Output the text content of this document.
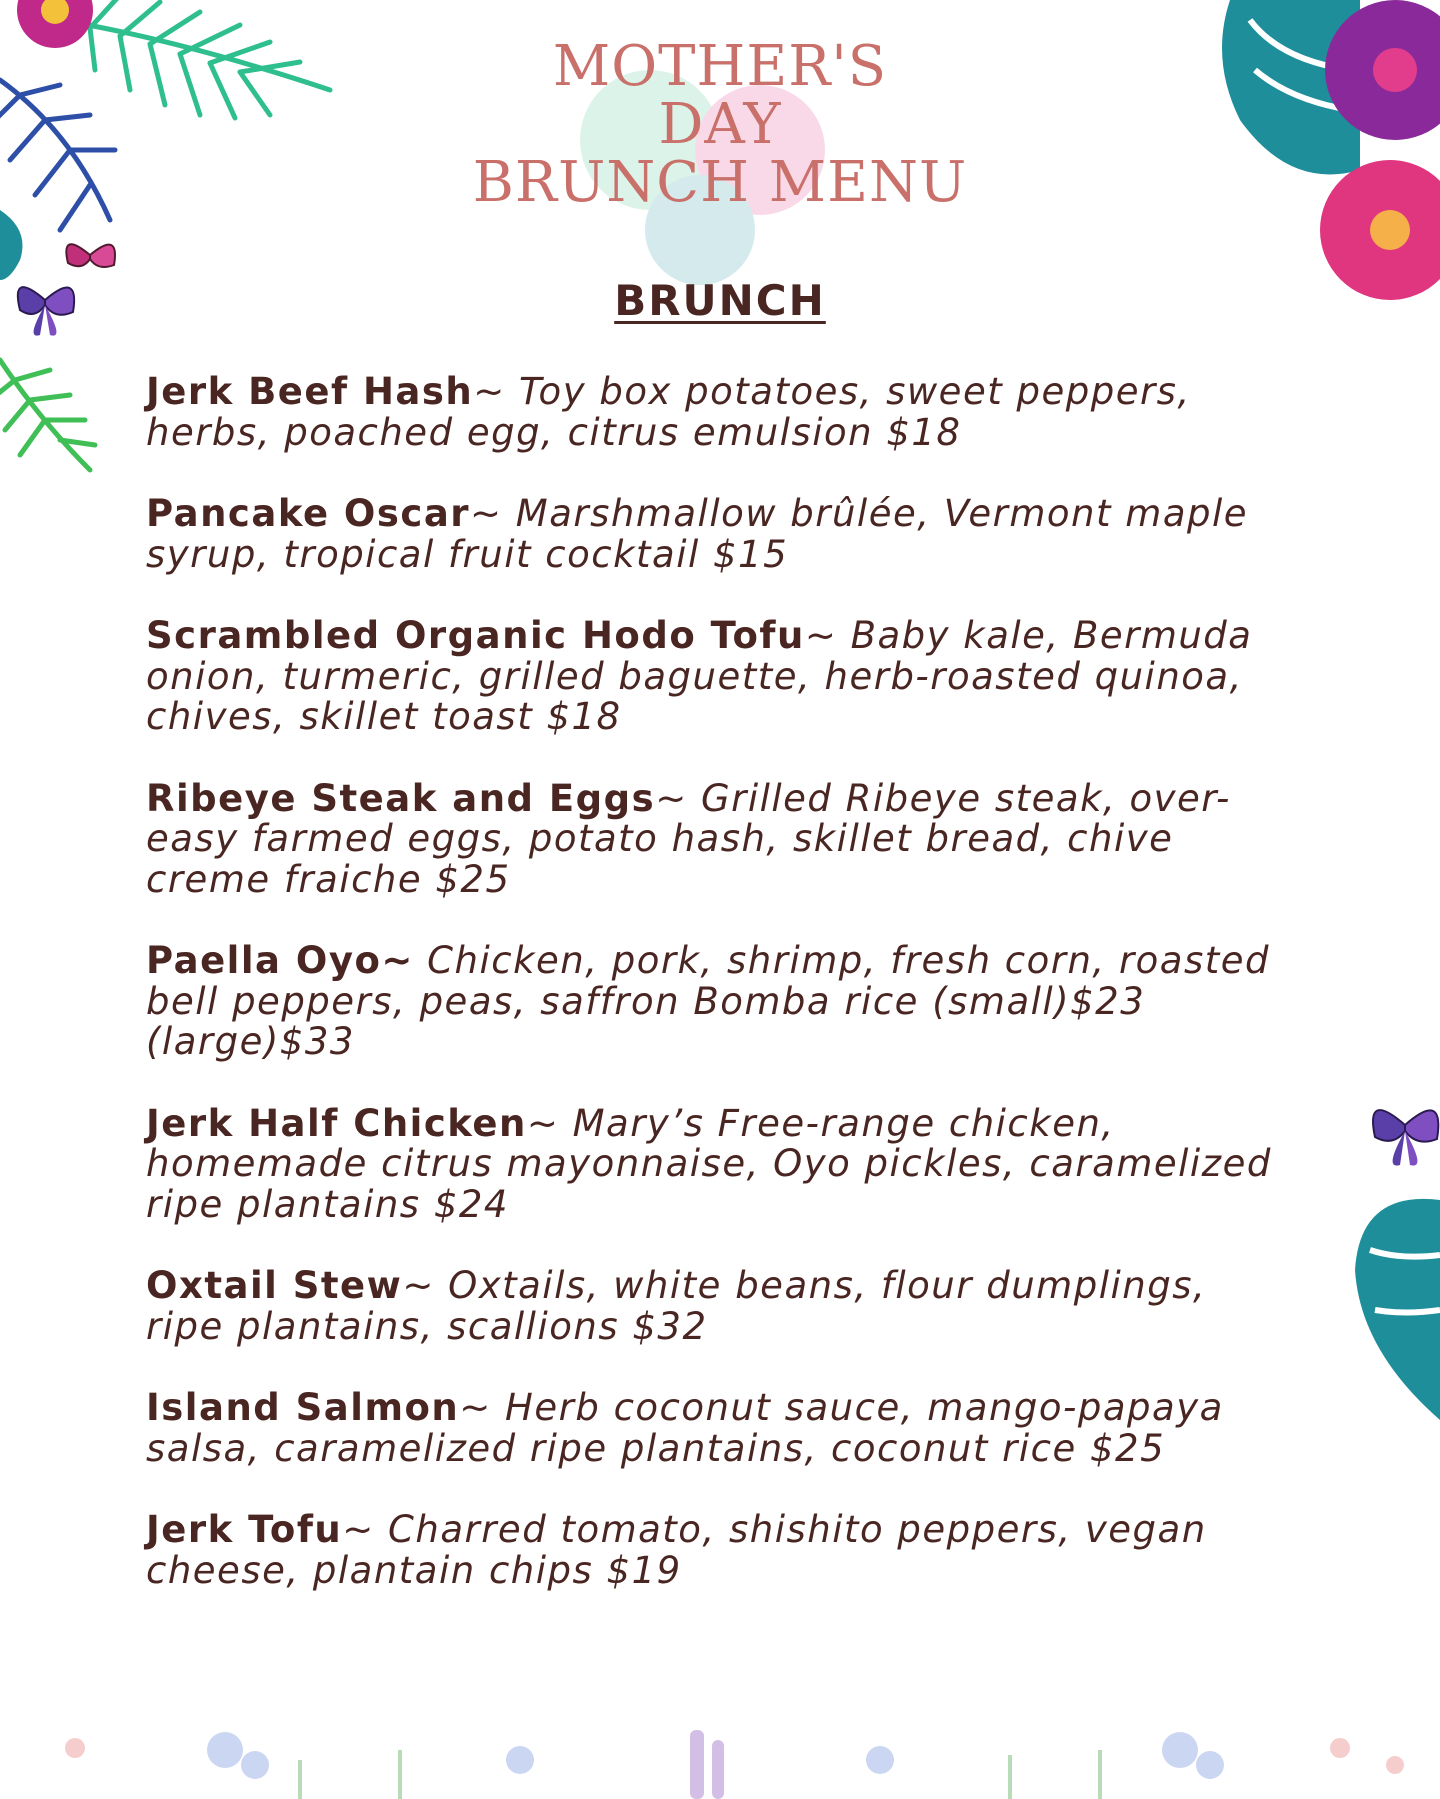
MOTHER'S
DAY
BRUNCH MENU
BRUNCH
Jerk Beef Hash~ Toy box potatoes, sweet peppers, herbs, poached egg, citrus emulsion $18
Pancake Oscar~ Marshmallow brûlée, Vermont maple syrup, tropical fruit cocktail $15
Scrambled Organic Hodo Tofu~ Baby kale, Bermuda onion, turmeric, grilled baguette, herb-roasted quinoa, chives, skillet toast $18
Ribeye Steak and Eggs~ Grilled Ribeye steak, over-easy farmed eggs, potato hash, skillet bread, chive creme fraiche $25
Paella Oyo~ Chicken, pork, shrimp, fresh corn, roasted bell peppers, peas, saffron Bomba rice (small)$23 (large)$33
Jerk Half Chicken~ Mary’s Free-range chicken, homemade citrus mayonnaise, Oyo pickles, caramelized ripe plantains $24
Oxtail Stew~ Oxtails, white beans, flour dumplings, ripe plantains, scallions $32
Island Salmon~ Herb coconut sauce, mango-papaya salsa, caramelized ripe plantains, coconut rice $25
Jerk Tofu~ Charred tomato, shishito peppers, vegan cheese, plantain chips $19
